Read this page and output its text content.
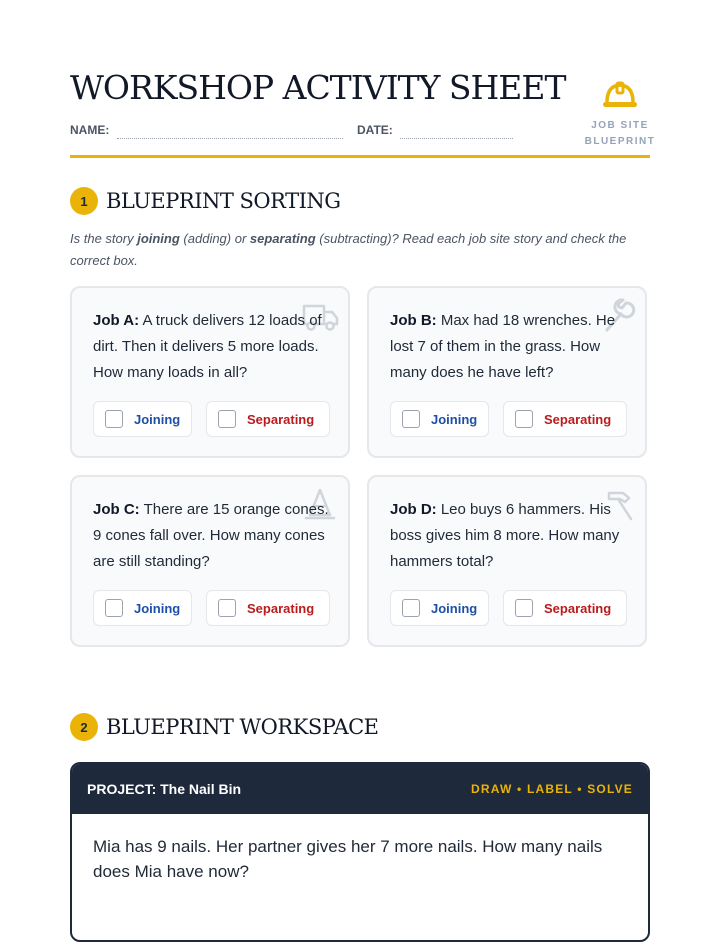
WORKSHOP ACTIVITY SHEET
NAME:	DATE:	JOB SITE
BLUEPRINT
1 BLUEPRINT SORTING
Is the story joining (adding) or separating (subtracting)? Read each job site story and check the correct box.
Job A: A truck delivers 12 loads of dirt. Then it delivers 5 more loads. How many loads in all?
Joining	Separating
Job B: Max had 18 wrenches. He lost 7 of them in the grass. How many does he have left?
Joining	Separating
Job C: There are 15 orange cones. 9 cones fall over. How many cones are still standing?
Joining	Separating
Job D: Leo buys 6 hammers. His boss gives him 8 more. How many hammers total?
Joining	Separating
2 BLUEPRINT WORKSPACE
PROJECT: The Nail Bin	DRAW • LABEL • SOLVE
Mia has 9 nails. Her partner gives her 7 more nails. How many nails does Mia have now?
